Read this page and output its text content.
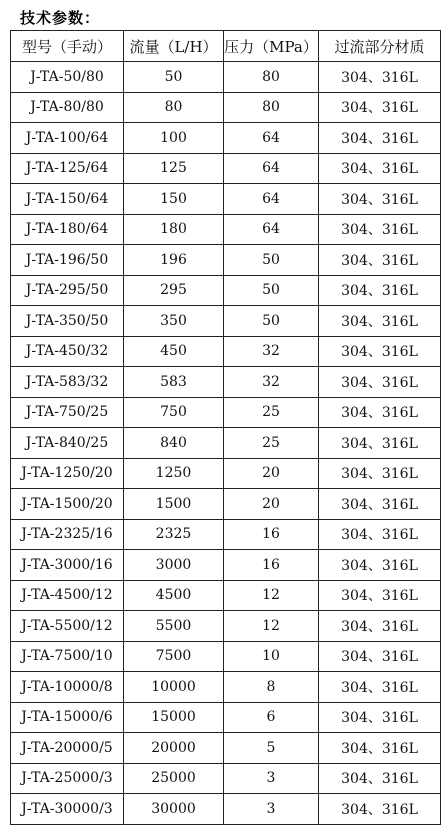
技术参数：
型号（手动）	流量（L/H）	压力（MPa）	过流部分材质
J-TA-50/80	50	80	304、316L
J-TA-80/80	80	80	304、316L
J-TA-100/64	100	64	304、316L
J-TA-125/64	125	64	304、316L
J-TA-150/64	150	64	304、316L
J-TA-180/64	180	64	304、316L
J-TA-196/50	196	50	304、316L
J-TA-295/50	295	50	304、316L
J-TA-350/50	350	50	304、316L
J-TA-450/32	450	32	304、316L
J-TA-583/32	583	32	304、316L
J-TA-750/25	750	25	304、316L
J-TA-840/25	840	25	304、316L
J-TA-1250/20	1250	20	304、316L
J-TA-1500/20	1500	20	304、316L
J-TA-2325/16	2325	16	304、316L
J-TA-3000/16	3000	16	304、316L
J-TA-4500/12	4500	12	304、316L
J-TA-5500/12	5500	12	304、316L
J-TA-7500/10	7500	10	304、316L
J-TA-10000/8	10000	8	304、316L
J-TA-15000/6	15000	6	304、316L
J-TA-20000/5	20000	5	304、316L
J-TA-25000/3	25000	3	304、316L
J-TA-30000/3	30000	3	304、316L
